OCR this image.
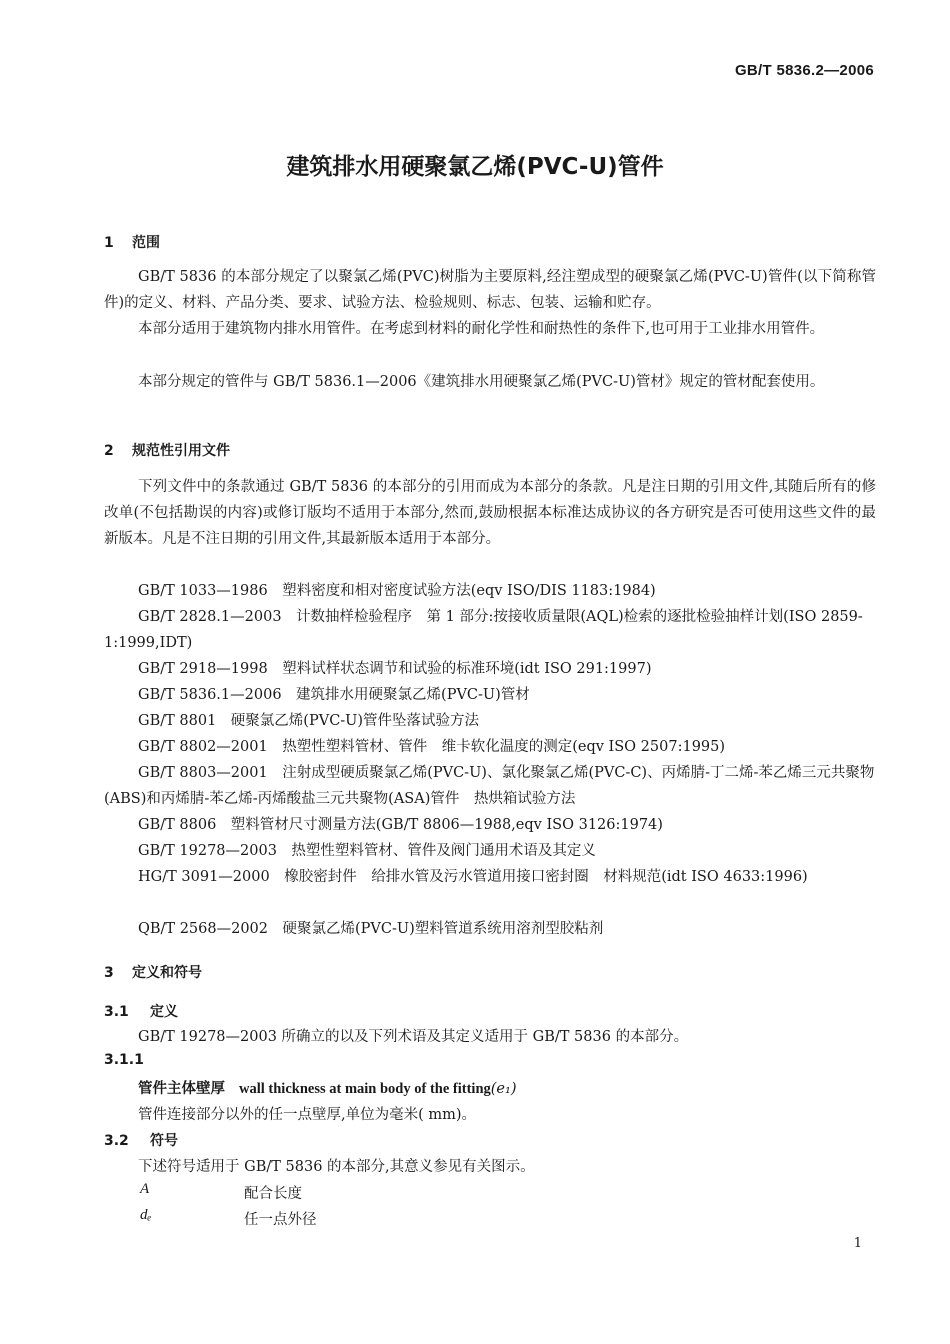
GB/T 5836.2—2006
建筑排水用硬聚氯乙烯(PVC-U)管件
1 范围
GB/T 5836 的本部分规定了以聚氯乙烯(PVC)树脂为主要原料,经注塑成型的硬聚氯乙烯(PVC-U)管件(以下简称管件)的定义、材料、产品分类、要求、试验方法、检验规则、标志、包装、运输和贮存。
本部分适用于建筑物内排水用管件。在考虑到材料的耐化学性和耐热性的条件下,也可用于工业排水用管件。
本部分规定的管件与 GB/T 5836.1—2006《建筑排水用硬聚氯乙烯(PVC-U)管材》规定的管材配套使用。
2 规范性引用文件
下列文件中的条款通过 GB/T 5836 的本部分的引用而成为本部分的条款。凡是注日期的引用文件,其随后所有的修改单(不包括勘误的内容)或修订版均不适用于本部分,然而,鼓励根据本标准达成协议的各方研究是否可使用这些文件的最新版本。凡是不注日期的引用文件,其最新版本适用于本部分。
GB/T 1033—1986　塑料密度和相对密度试验方法(eqv ISO/DIS 1183:1984)
GB/T 2828.1—2003　计数抽样检验程序　第 1 部分:按接收质量限(AQL)检索的逐批检验抽样计划(ISO 2859-1:1999,IDT)
GB/T 2918—1998　塑料试样状态调节和试验的标准环境(idt ISO 291:1997)
GB/T 5836.1—2006　建筑排水用硬聚氯乙烯(PVC-U)管材
GB/T 8801　硬聚氯乙烯(PVC-U)管件坠落试验方法
GB/T 8802—2001　热塑性塑料管材、管件　维卡软化温度的测定(eqv ISO 2507:1995)
GB/T 8803—2001　注射成型硬质聚氯乙烯(PVC-U)、氯化聚氯乙烯(PVC-C)、丙烯腈-丁二烯-苯乙烯三元共聚物(ABS)和丙烯腈-苯乙烯-丙烯酸盐三元共聚物(ASA)管件　热烘箱试验方法
GB/T 8806　塑料管材尺寸测量方法(GB/T 8806—1988,eqv ISO 3126:1974)
GB/T 19278—2003　热塑性塑料管材、管件及阀门通用术语及其定义
HG/T 3091—2000　橡胶密封件　给排水管及污水管道用接口密封圈　材料规范(idt ISO 4633:1996)
QB/T 2568—2002　硬聚氯乙烯(PVC-U)塑料管道系统用溶剂型胶粘剂
3 定义和符号
3.1 定义
GB/T 19278—2003 所确立的以及下列术语及其定义适用于 GB/T 5836 的本部分。
3.1.1
管件主体壁厚 wall thickness at main body of the fitting(e₁)
管件连接部分以外的任一点壁厚,单位为毫米( mm)。
3.2 符号
下述符号适用于 GB/T 5836 的本部分,其意义参见有关图示。
A	配合长度
dₑ	任一点外径
1
